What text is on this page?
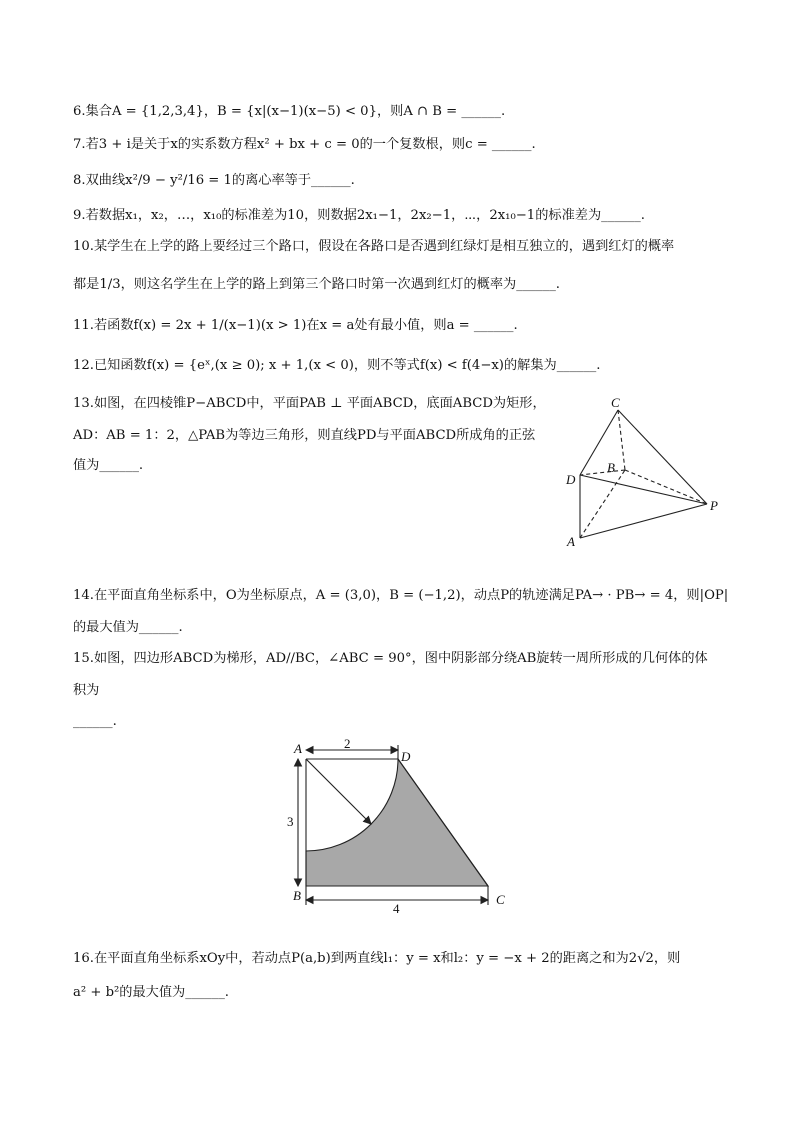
6.集合A = {1,2,3,4}，B = {x|(x−1)(x−5) < 0}，则A ∩ B = ______.
7.若3 + i是关于x的实系数方程x² + bx + c = 0的一个复数根，则c = ______.
8.双曲线x²/9 − y²/16 = 1的离心率等于______.
9.若数据x₁，x₂，…，x₁₀的标准差为10，则数据2x₁−1，2x₂−1，⋯，2x₁₀−1的标准差为______.
10.某学生在上学的路上要经过三个路口，假设在各路口是否遇到红绿灯是相互独立的，遇到红灯的概率
都是1/3，则这名学生在上学的路上到第三个路口时第一次遇到红灯的概率为______.
11.若函数f(x) = 2x + 1/(x−1)(x > 1)在x = a处有最小值，则a = ______.
12.已知函数f(x) = {eˣ,(x ≥ 0); x + 1,(x < 0)，则不等式f(x) < f(4−x)的解集为______.
13.如图，在四棱锥P−ABCD中，平面PAB ⊥ 平面ABCD，底面ABCD为矩形，
AD：AB = 1：2，△PAB为等边三角形，则直线PD与平面ABCD所成角的正弦
值为______.
C
B
D
P
A
14.在平面直角坐标系中，O为坐标原点，A = (3,0)，B = (−1,2)，动点P的轨迹满足PA→ · PB→ = 4，则|OP|
的最大值为______.
15.如图，四边形ABCD为梯形，AD//BC，∠ABC = 90°，图中阴影部分绕AB旋转一周所形成的几何体的体
积为
______.
A
D
B	C
2
3
4
16.在平面直角坐标系xOy中，若动点P(a,b)到两直线l₁：y = x和l₂：y = −x + 2的距离之和为2√2，则
a² + b²的最大值为______.
